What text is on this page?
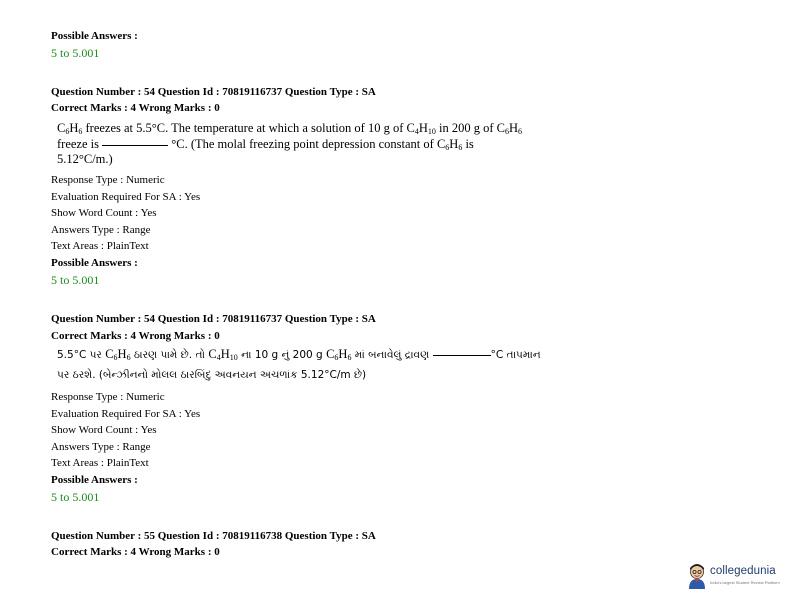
Possible Answers :
5 to 5.001
Question Number : 54 Question Id : 70819116737 Question Type : SA
Correct Marks : 4 Wrong Marks : 0
$C_6H_6$ freezes at 5.5°C. The temperature at which a solution of 10 g of $C_4H_{10}$ in 200 g of $C_6H_6$
freeze is	°C. (The molal freezing point depression constant of $C_6H_6$ is
5.12°C/m.)
Response Type : Numeric
Evaluation Required For SA : Yes
Show Word Count : Yes
Answers Type : Range
Text Areas : PlainText
Possible Answers :
5 to 5.001
Question Number : 54 Question Id : 70819116737 Question Type : SA
Correct Marks : 4 Wrong Marks : 0
5.5°C પર $C_6H_6$ ઠારણ પામે છે. તો $C_4H_{10}$ ના 10 g નું 200 g $C_6H_6$ માં બનાવેલું દ્રાવણ	°C તાપમાન
પર ઠરશે. (બેન્ઝીનનો મોલલ ઠારબિંદુ અવનયન અચળાંક 5.12°C/m છે)
Response Type : Numeric
Evaluation Required For SA : Yes
Show Word Count : Yes
Answers Type : Range
Text Areas : PlainText
Possible Answers :
5 to 5.001
Question Number : 55 Question Id : 70819116738 Question Type : SA
Correct Marks : 4 Wrong Marks : 0
collegedunia
India's largest Student Review Platform
